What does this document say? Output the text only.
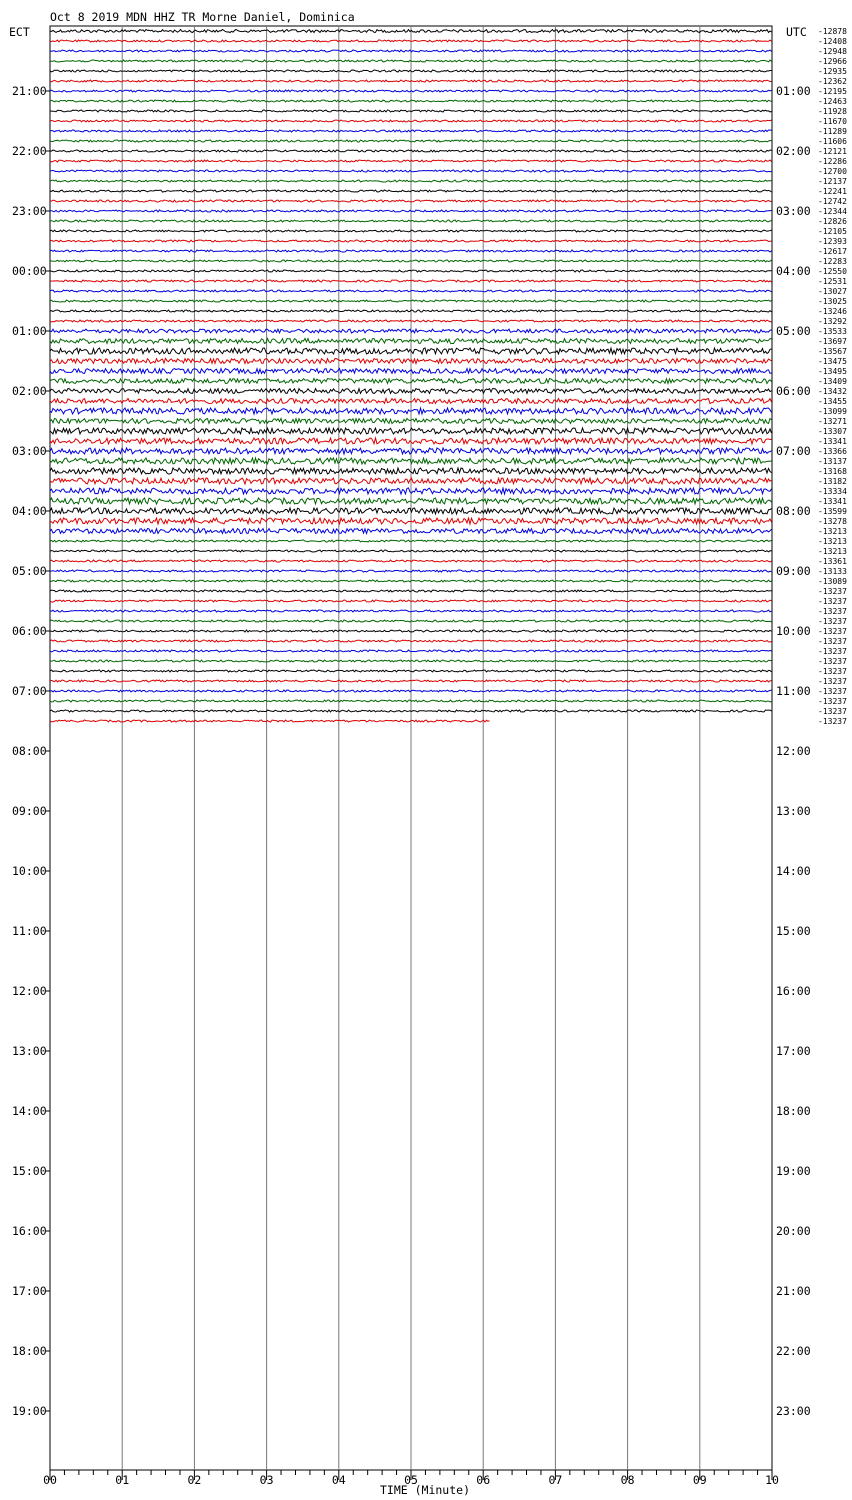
Oct 8 2019 MDN HHZ TR Morne Daniel, Dominica
ECT	UTC
TIME (Minute)
-12878
-12408
-12948
-12966
-12935
-12362
-12195
-12463
-11928
-11670
-11289
-11606
-12121
-12286
-12700
-12137
-12241
-12742
-12344
-12826
-12105
-12393
-12617
-12283
-12550
-12531
-13027
-13025
-13246
-13292
-13533
-13697
-13567
-13475
-13495
-13409
-13432
-13455
-13099
-13271
-13307
-13341
-13366
-13137
-13168
-13182
-13334
-13341
-13599
-13278
-13213
-13213
-13213
-13361
-13133
-13089
-13237
-13237
-13237
-13237
-13237
-13237
-13237
-13237
-13237
-13237
-13237
-13237
-13237
-13237
21:00
22:00
23:00
00:00
01:00
02:00
03:00
04:00
05:00
06:00
07:00
08:00
09:00
10:00
11:00
12:00
13:00
14:00
15:00
16:00
17:00
18:00
19:00
01:00
02:00
03:00
04:00
05:00
06:00
07:00
08:00
09:00
10:00
11:00
12:00
13:00
14:00
15:00
16:00
17:00
18:00
19:00
20:00
21:00
22:00
23:00
00	01	02	03	04	05	06	07	08	09	10
